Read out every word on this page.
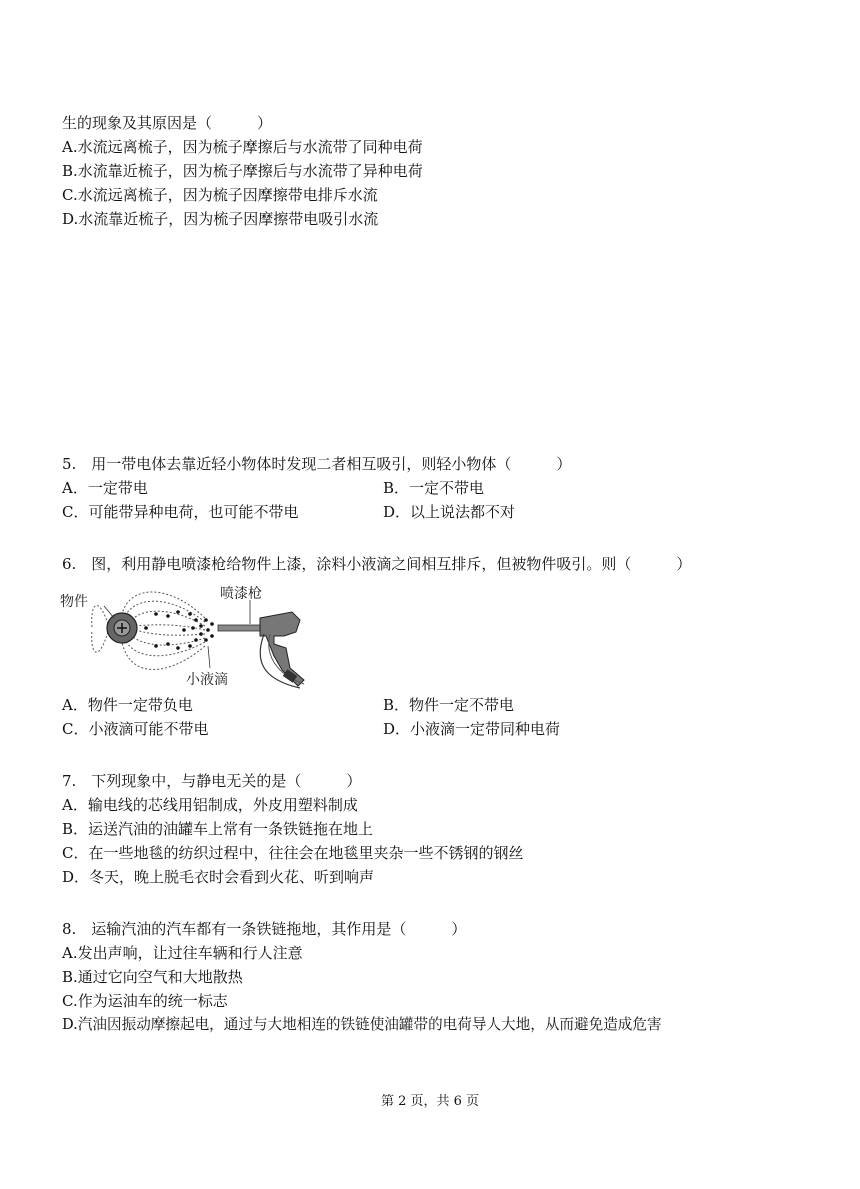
生的现象及其原因是（　　　）
A.水流远离梳子，因为梳子摩擦后与水流带了同种电荷
B.水流靠近梳子，因为梳子摩擦后与水流带了异种电荷
C.水流远离梳子，因为梳子因摩擦带电排斥水流
D.水流靠近梳子，因为梳子因摩擦带电吸引水流
5.　用一带电体去靠近轻小物体时发现二者相互吸引，则轻小物体（　　　）
A．一定带电	B．一定不带电
C．可能带异种电荷，也可能不带电	D．以上说法都不对
6.　图，利用静电喷漆枪给物件上漆，涂料小液滴之间相互排斥，但被物件吸引。则（　　　）
物件	喷漆枪
小液滴
A．物件一定带负电	B．物件一定不带电
C．小液滴可能不带电	D．小液滴一定带同种电荷
7.　下列现象中，与静电无关的是（　　　）
A．输电线的芯线用铝制成，外皮用塑料制成
B．运送汽油的油罐车上常有一条铁链拖在地上
C．在一些地毯的纺织过程中，往往会在地毯里夹杂一些不锈钢的钢丝
D．冬天，晚上脱毛衣时会看到火花、听到响声
8.　运输汽油的汽车都有一条铁链拖地，其作用是（　　　）
A.发出声响，让过往车辆和行人注意
B.通过它向空气和大地散热
C.作为运油车的统一标志
D.汽油因振动摩擦起电，通过与大地相连的铁链使油罐带的电荷导人大地，从而避免造成危害
第 2 页，共 6 页
